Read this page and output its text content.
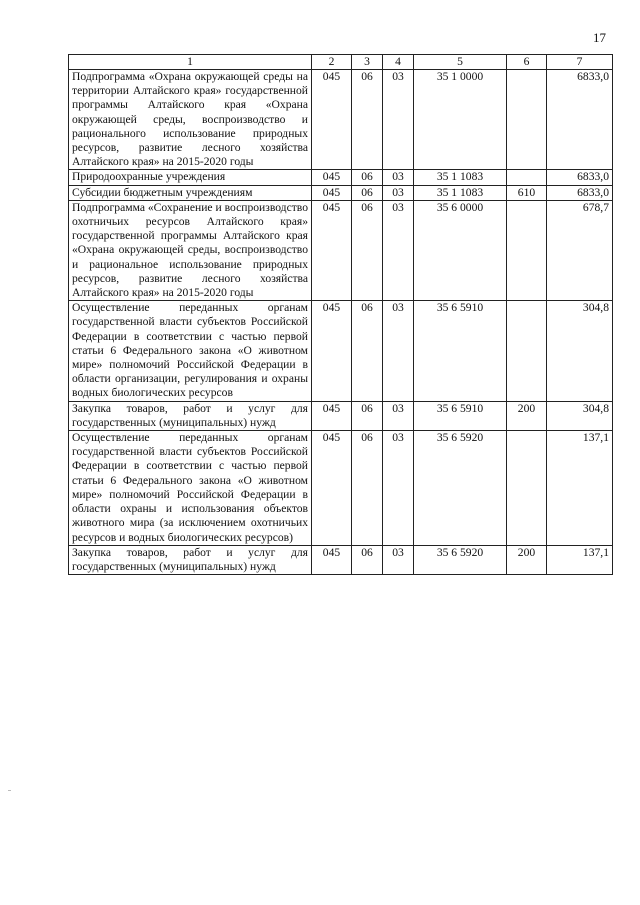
17
1	2	3	4	5	6	7
Подпрограмма «Охрана окружающей среды на территории Алтайского края» государственной программы Алтайского края «Охрана окружающей среды, воспроизводство и рационального использование природных ресурсов, развитие лесного хозяйства Алтайского края» на 2015-2020 годы	045	06	03	35 1 0000		6833,0
Природоохранные учреждения	045	06	03	35 1 1083		6833,0
Субсидии бюджетным учреждениям	045	06	03	35 1 1083	610	6833,0
Подпрограмма «Сохранение и воспроизводство охотничьих ресурсов Алтайского края» государственной программы Алтайского края «Охрана окружающей среды, воспроизводство и рациональное использование природных ресурсов, развитие лесного хозяйства Алтайского края» на 2015-2020 годы	045	06	03	35 6 0000		678,7
Осуществление переданных органам государственной власти субъектов Российской Федерации в соответствии с частью первой статьи 6 Федерального закона «О животном мире» полномочий Российской Федерации в области организации, регулирования и охраны водных биологических ресурсов	045	06	03	35 6 5910		304,8
Закупка товаров, работ и услуг для государственных (муниципальных) нужд	045	06	03	35 6 5910	200	304,8
Осуществление переданных органам государственной власти субъектов Российской Федерации в соответствии с частью первой статьи 6 Федерального закона «О животном мире» полномочий Российской Федерации в области охраны и использования объектов животного мира (за исключением охотничьих ресурсов и водных биологических ресурсов)	045	06	03	35 6 5920		137,1
Закупка товаров, работ и услуг для государственных (муниципальных) нужд	045	06	03	35 6 5920	200	137,1
